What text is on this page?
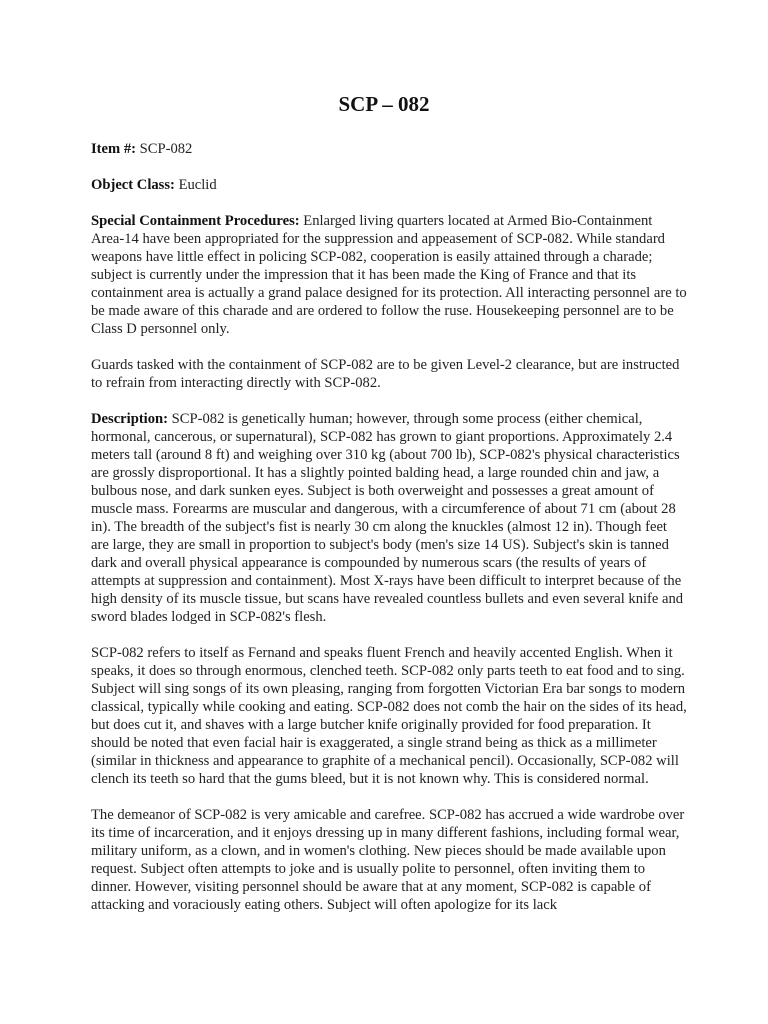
SCP – 082

Item #: SCP-082

Object Class: Euclid

Special Containment Procedures: Enlarged living quarters located at Armed Bio-Containment Area-14 have been appropriated for the suppression and appeasement of SCP-082. While standard weapons have little effect in policing SCP-082, cooperation is easily attained through a charade; subject is currently under the impression that it has been made the King of France and that its containment area is actually a grand palace designed for its protection. All interacting personnel are to be made aware of this charade and are ordered to follow the ruse. Housekeeping personnel are to be Class D personnel only.

Guards tasked with the containment of SCP-082 are to be given Level-2 clearance, but are instructed to refrain from interacting directly with SCP-082.

Description: SCP-082 is genetically human; however, through some process (either chemical, hormonal, cancerous, or supernatural), SCP-082 has grown to giant proportions. Approximately 2.4 meters tall (around 8 ft) and weighing over 310 kg (about 700 lb), SCP-082's physical characteristics are grossly disproportional. It has a slightly pointed balding head, a large rounded chin and jaw, a bulbous nose, and dark sunken eyes. Subject is both overweight and possesses a great amount of muscle mass. Forearms are muscular and dangerous, with a circumference of about 71 cm (about 28 in). The breadth of the subject's fist is nearly 30 cm along the knuckles (almost 12 in). Though feet are large, they are small in proportion to subject's body (men's size 14 US). Subject's skin is tanned dark and overall physical appearance is compounded by numerous scars (the results of years of attempts at suppression and containment). Most X-rays have been difficult to interpret because of the high density of its muscle tissue, but scans have revealed countless bullets and even several knife and sword blades lodged in SCP-082's flesh.

SCP-082 refers to itself as Fernand and speaks fluent French and heavily accented English. When it speaks, it does so through enormous, clenched teeth. SCP-082 only parts teeth to eat food and to sing. Subject will sing songs of its own pleasing, ranging from forgotten Victorian Era bar songs to modern classical, typically while cooking and eating. SCP-082 does not comb the hair on the sides of its head, but does cut it, and shaves with a large butcher knife originally provided for food preparation. It should be noted that even facial hair is exaggerated, a single strand being as thick as a millimeter (similar in thickness and appearance to graphite of a mechanical pencil). Occasionally, SCP-082 will clench its teeth so hard that the gums bleed, but it is not known why. This is considered normal.

The demeanor of SCP-082 is very amicable and carefree. SCP-082 has accrued a wide wardrobe over its time of incarceration, and it enjoys dressing up in many different fashions, including formal wear, military uniform, as a clown, and in women's clothing. New pieces should be made available upon request. Subject often attempts to joke and is usually polite to personnel, often inviting them to dinner. However, visiting personnel should be aware that at any moment, SCP-082 is capable of attacking and voraciously eating others. Subject will often apologize for its lack
